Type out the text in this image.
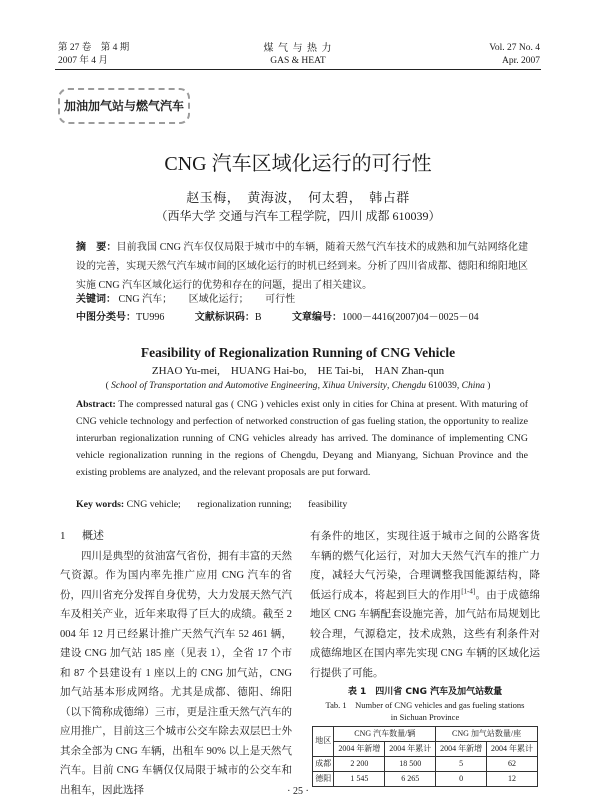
第 27 卷　第 4 期
2007 年 4 月
煤 气 与 热 力
GAS & HEAT
Vol. 27 No. 4
Apr. 2007
加油加气站与燃气汽车
CNG 汽车区域化运行的可行性
赵玉梅，　黄海波，　何太碧，　韩占群
（西华大学 交通与汽车工程学院，四川 成都 610039）
摘　要：目前我国 CNG 汽车仅仅局限于城市中的车辆，随着天然气汽车技术的成熟和加气站网络化建设的完善，实现天然气汽车城市间的区域化运行的时机已经到来。分析了四川省成都、德阳和绵阳地区实施 CNG 汽车区域化运行的优势和存在的问题，提出了相关建议。
关键词： CNG 汽车； 区域化运行； 可行性
中图分类号：TU996	文献标识码：B	文章编号：1000－4416(2007)04－0025－04
Feasibility of Regionalization Running of CNG Vehicle
ZHAO Yu-mei,　HUANG Hai-bo,　HE Tai-bi,　HAN Zhan-qun
( School of Transportation and Automotive Engineering, Xihua University, Chengdu 610039, China )
Abstract: The compressed natural gas ( CNG ) vehicles exist only in cities for China at present. With maturing of CNG vehicle technology and perfection of networked construction of gas fueling station, the opportunity to realize interurban regionalization running of CNG vehicles already has arrived. The dominance of implementing CNG vehicle regionalization running in the regions of Chengdu, Deyang and Mianyang, Sichuan Province and the existing problems are analyzed, and the relevant proposals are put forward.
Key words: CNG vehicle; regionalization running; feasibility
1 概述
四川是典型的贫油富气省份，拥有丰富的天然气资源。作为国内率先推广应用 CNG 汽车的省份，四川省充分发挥自身优势，大力发展天然气汽车及相关产业，近年来取得了巨大的成绩。截至 2004 年 12 月已经累计推广天然气汽车 52 461 辆，建设 CNG 加气站 185 座（见表 1），全省 17 个市和 87 个县建设有 1 座以上的 CNG 加气站，CNG 加气站基本形成网络。尤其是成都、德阳、绵阳（以下简称成德绵）三市，更是注重天然气汽车的应用推广，目前这三个城市公交车除去双层巴士外其余全部为 CNG 车辆，出租车 90% 以上是天然气汽车。目前 CNG 车辆仅仅局限于城市的公交车和出租车，因此选择
有条件的地区，实现往返于城市之间的公路客货车辆的燃气化运行，对加大天然气汽车的推广力度，减轻大气污染，合理调整我国能源结构，降低运行成本，将起到巨大的作用[1-4]。由于成德绵地区 CNG 车辆配套设施完善，加气站布局规划比较合理，气源稳定，技术成熟，这些有利条件对成德绵地区在国内率先实现 CNG 车辆的区域化运行提供了可能。
表 1　四川省 CNG 汽车及加气站数量
Tab. 1　Number of CNG vehicles and gas fueling stations
in Sichuan Province
地区	CNG 汽车数量/辆		CNG 加气站数量/座	
	2004 年新增	2004 年累计	2004 年新增	2004 年累计
成都	2 200	18 500	5	62
德阳	1 545	6 265	0	12
· 25 ·
